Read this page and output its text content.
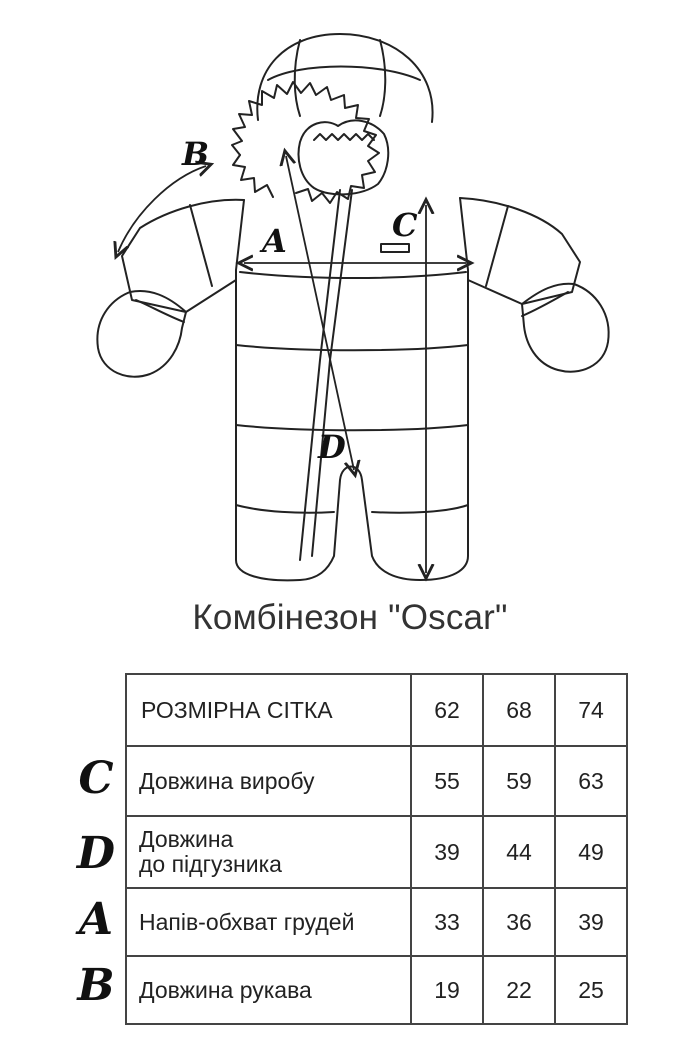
B
A	C
D
Комбінезон "Oscar"
C
D
A
B
РОЗМІРНА СІТКА	62	68	74
Довжина виробу	55	59	63

Довжина
до підгузника	39	44	49
Напів-обхват грудей	33	36	39
Довжина рукава	19	22	25
